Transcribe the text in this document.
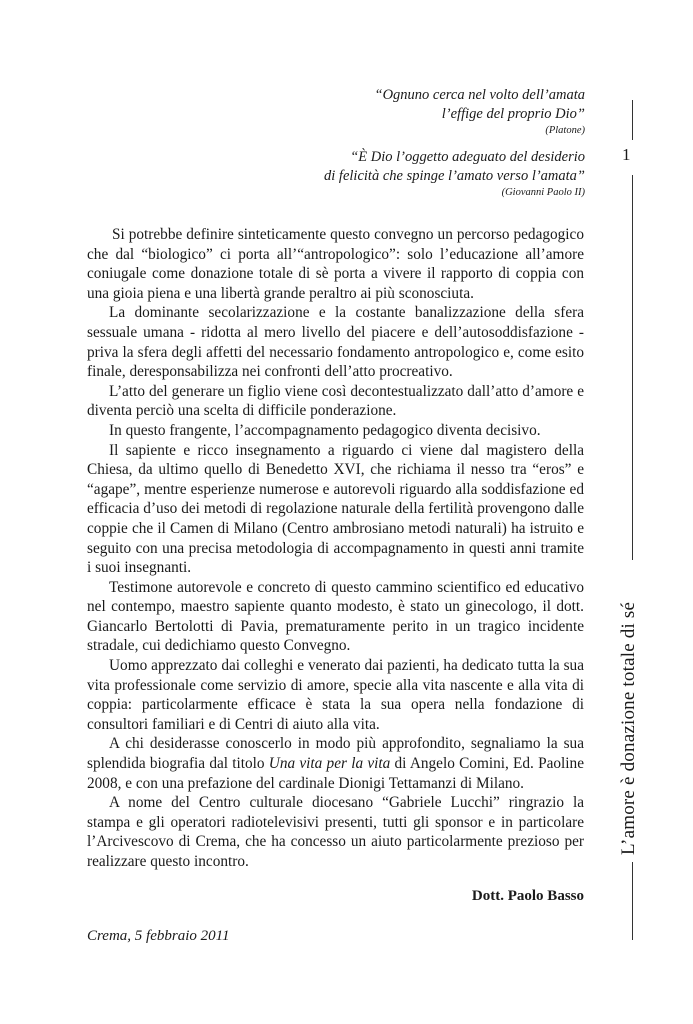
“Ognuno cerca nel volto dell’amata
l’effige del proprio Dio”
(Platone)
“È Dio l’oggetto adeguato del desiderio
di felicità che spinge l’amato verso l’amata”
(Giovanni Paolo II)
1
L’amore è donazione totale di sé

Si potrebbe definire sinteticamente questo convegno un percorso pedagogico che dal “biologico” ci porta all’“antropologico”: solo l’educazione all’amore coniugale come donazione totale di sè porta a vivere il rapporto di coppia con una gioia piena e una libertà grande peraltro ai più sconosciuta.

La dominante secolarizzazione e la costante banalizzazione della sfera sessuale umana - ridotta al mero livello del piacere e dell’autosoddisfazione - priva la sfera degli affetti del necessario fondamento antropologico e, come esito finale, deresponsabilizza nei confronti dell’atto procreativo.

L’atto del generare un figlio viene così decontestualizzato dall’atto d’amore e diventa perciò una scelta di difficile ponderazione.

In questo frangente, l’accompagnamento pedagogico diventa decisivo.

Il sapiente e ricco insegnamento a riguardo ci viene dal magistero della Chiesa, da ultimo quello di Benedetto XVI, che richiama il nesso tra “eros” e “agape”, mentre esperienze numerose e autorevoli riguardo alla soddisfazione ed efficacia d’uso dei metodi di regolazione naturale della fertilità provengono dalle coppie che il Camen di Milano (Centro ambrosiano metodi naturali) ha istruito e seguito con una precisa metodologia di accompagnamento in questi anni tramite i suoi insegnanti.

Testimone autorevole e concreto di questo cammino scientifico ed educativo nel contempo, maestro sapiente quanto modesto, è stato un ginecologo, il dott. Giancarlo Bertolotti di Pavia, prematuramente perito in un tragico incidente stradale, cui dedichiamo questo Convegno.

Uomo apprezzato dai colleghi e venerato dai pazienti, ha dedicato tutta la sua vita professionale come servizio di amore, specie alla vita nascente e alla vita di coppia: particolarmente efficace è stata la sua opera nella fondazione di consultori familiari e di Centri di aiuto alla vita.

A chi desiderasse conoscerlo in modo più approfondito, segnaliamo la sua splendida biografia dal titolo Una vita per la vita di Angelo Comini, Ed. Paoline 2008, e con una prefazione del cardinale Dionigi Tettamanzi di Milano.

A nome del Centro culturale diocesano “Gabriele Lucchi” ringrazio la stampa e gli operatori radiotelevisivi presenti, tutti gli sponsor e in particolare l’Arcivescovo di Crema, che ha concesso un aiuto particolarmente prezioso per realizzare questo incontro.

Dott. Paolo Basso
Crema, 5 febbraio 2011
